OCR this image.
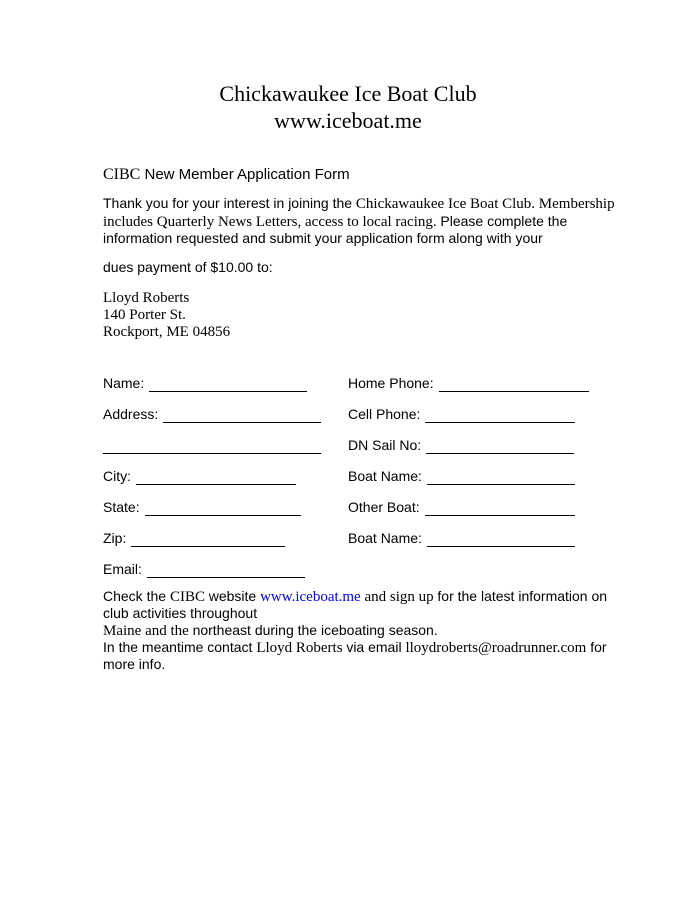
Chickawaukee Ice Boat Club
www.iceboat.me
CIBC New Member Application Form

Thank you for your interest in joining the Chickawaukee Ice Boat Club. Membership
includes Quarterly News Letters, access to local racing. Please complete the
information requested and submit your application form along with your

dues payment of $10.00 to:

Lloyd Roberts
140 Porter St.
Rockport, ME 04856
Name:
Address:
City:
State:
Zip:
Email:
Home Phone:
Cell Phone:
DN Sail No:
Boat Name:
Other Boat:
Boat Name:

Check the CIBC website www.iceboat.me and sign up for the latest information on
club activities throughout
Maine and the northeast during the iceboating season.
In the meantime contact Lloyd Roberts via email lloydroberts@roadrunner.com for
more info.
